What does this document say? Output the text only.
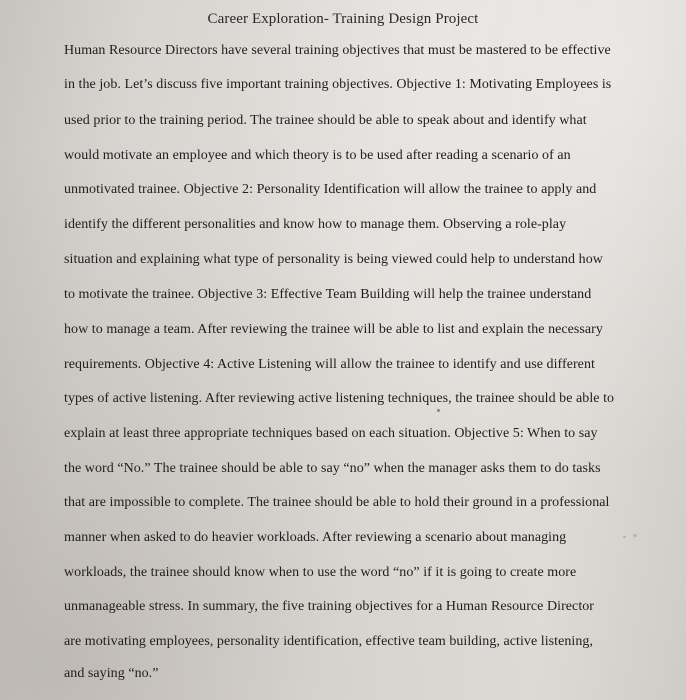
Career Exploration- Training Design Project
Human Resource Directors have several training objectives that must be mastered to be effective
in the job. Let’s discuss five important training objectives. Objective 1: Motivating Employees is
used prior to the training period. The trainee should be able to speak about and identify what
would motivate an employee and which theory is to be used after reading a scenario of an
unmotivated trainee. Objective 2: Personality Identification will allow the trainee to apply and
identify the different personalities and know how to manage them. Observing a role-play
situation and explaining what type of personality is being viewed could help to understand how
to motivate the trainee. Objective 3: Effective Team Building will help the trainee understand
how to manage a team. After reviewing the trainee will be able to list and explain the necessary
requirements. Objective 4: Active Listening will allow the trainee to identify and use different
types of active listening. After reviewing active listening techniques, the trainee should be able to
explain at least three appropriate techniques based on each situation. Objective 5: When to say
the word “No.” The trainee should be able to say “no” when the manager asks them to do tasks
that are impossible to complete. The trainee should be able to hold their ground in a professional
manner when asked to do heavier workloads. After reviewing a scenario about managing
workloads, the trainee should know when to use the word “no” if it is going to create more
unmanageable stress. In summary, the five training objectives for a Human Resource Director
are motivating employees, personality identification, effective team building, active listening,
and saying “no.”
